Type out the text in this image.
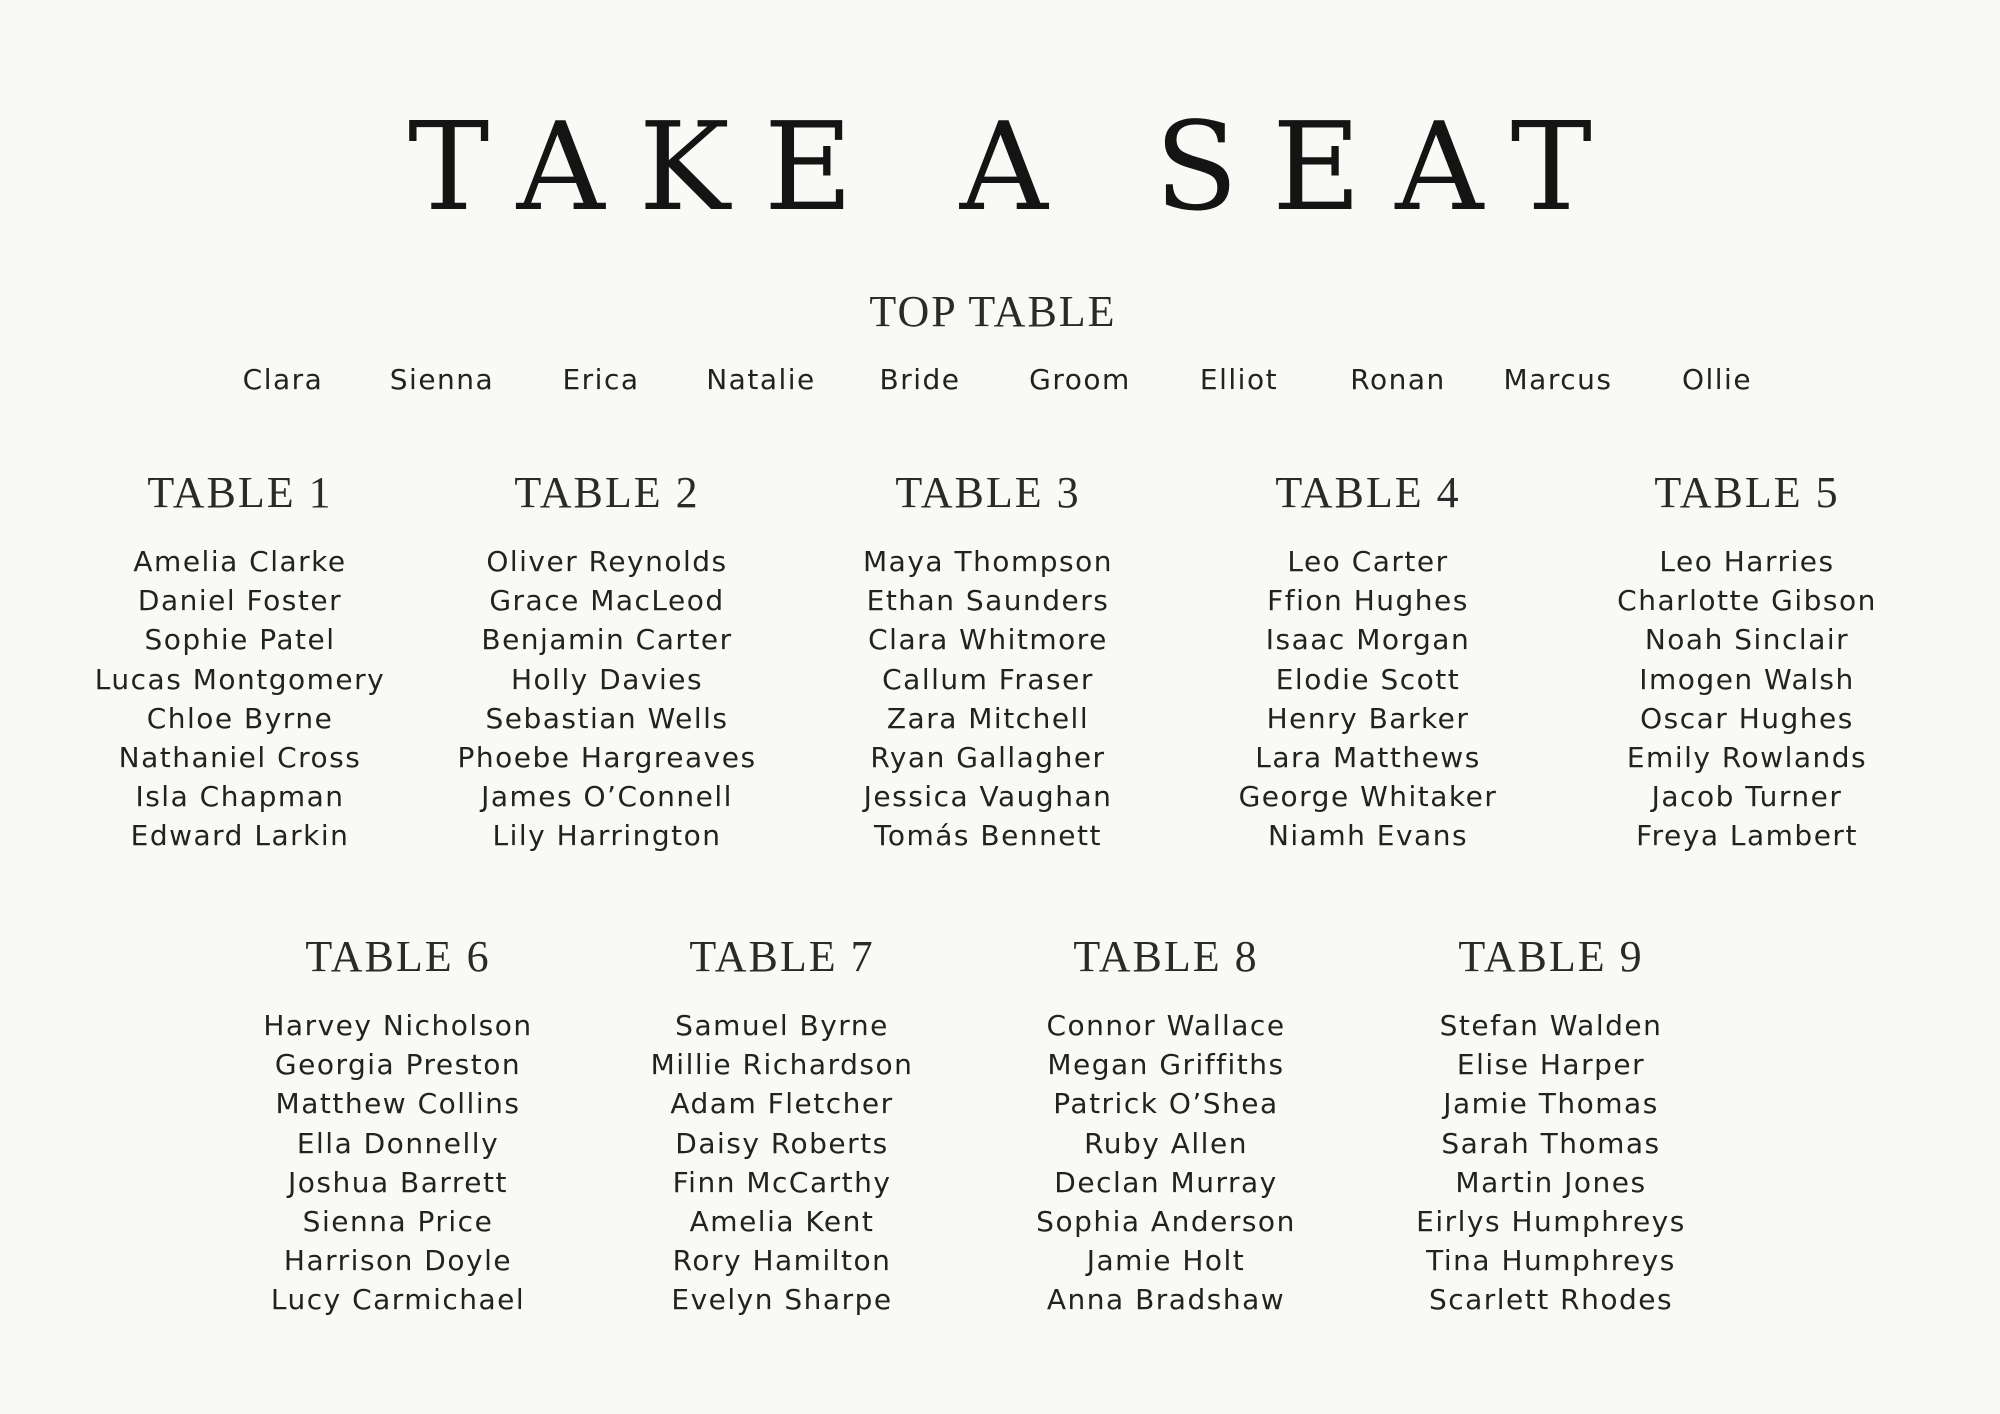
TAKE A SEAT
TOP TABLE
Clara	Sienna	Erica	Natalie	Bride	Groom	Elliot	Ronan	Marcus	Ollie
TABLE 1
Amelia Clarke
Daniel Foster
Sophie Patel
Lucas Montgomery
Chloe Byrne
Nathaniel Cross
Isla Chapman
Edward Larkin
TABLE 2
Oliver Reynolds
Grace MacLeod
Benjamin Carter
Holly Davies
Sebastian Wells
Phoebe Hargreaves
James O’Connell
Lily Harrington
TABLE 3
Maya Thompson
Ethan Saunders
Clara Whitmore
Callum Fraser
Zara Mitchell
Ryan Gallagher
Jessica Vaughan
Tomás Bennett
TABLE 4
Leo Carter
Ffion Hughes
Isaac Morgan
Elodie Scott
Henry Barker
Lara Matthews
George Whitaker
Niamh Evans
TABLE 5
Leo Harries
Charlotte Gibson
Noah Sinclair
Imogen Walsh
Oscar Hughes
Emily Rowlands
Jacob Turner
Freya Lambert
TABLE 6
Harvey Nicholson
Georgia Preston
Matthew Collins
Ella Donnelly
Joshua Barrett
Sienna Price
Harrison Doyle
Lucy Carmichael
TABLE 7
Samuel Byrne
Millie Richardson
Adam Fletcher
Daisy Roberts
Finn McCarthy
Amelia Kent
Rory Hamilton
Evelyn Sharpe
TABLE 8
Connor Wallace
Megan Griffiths
Patrick O’Shea
Ruby Allen
Declan Murray
Sophia Anderson
Jamie Holt
Anna Bradshaw
TABLE 9
Stefan Walden
Elise Harper
Jamie Thomas
Sarah Thomas
Martin Jones
Eirlys Humphreys
Tina Humphreys
Scarlett Rhodes
